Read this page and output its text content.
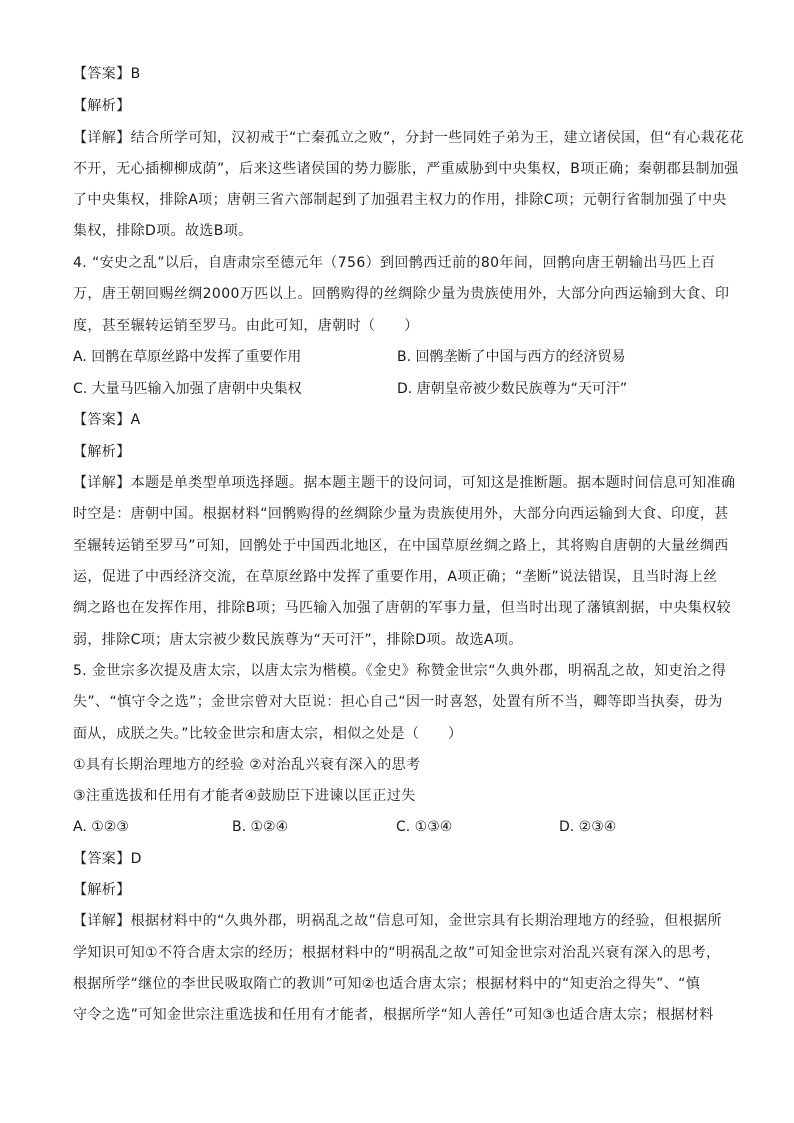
【答案】B
【解析】
【详解】结合所学可知，汉初戒于“亡秦孤立之败”，分封一些同姓子弟为王，建立诸侯国，但“有心栽花花
不开，无心插柳柳成荫”，后来这些诸侯国的势力膨胀，严重威胁到中央集权，B项正确；秦朝郡县制加强
了中央集权，排除A项；唐朝三省六部制起到了加强君主权力的作用，排除C项；元朝行省制加强了中央
集权，排除D项。故选B项。
4. “安史之乱”以后，自唐肃宗至德元年（756）到回鹘西迁前的80年间，回鹘向唐王朝输出马匹上百
万，唐王朝回赐丝绸2000万匹以上。回鹘购得的丝绸除少量为贵族使用外，大部分向西运输到大食、印
度，甚至辗转运销至罗马。由此可知，唐朝时（　　）
A. 回鹘在草原丝路中发挥了重要作用	B. 回鹘垄断了中国与西方的经济贸易
C. 大量马匹输入加强了唐朝中央集权	D. 唐朝皇帝被少数民族尊为“天可汗”
【答案】A
【解析】
【详解】本题是单类型单项选择题。据本题主题干的设问词，可知这是推断题。据本题时间信息可知准确
时空是：唐朝中国。根据材料“回鹘购得的丝绸除少量为贵族使用外，大部分向西运输到大食、印度，甚
至辗转运销至罗马”可知，回鹘处于中国西北地区，在中国草原丝绸之路上，其将购自唐朝的大量丝绸西
运，促进了中西经济交流，在草原丝路中发挥了重要作用，A项正确；“垄断”说法错误，且当时海上丝
绸之路也在发挥作用，排除B项；马匹输入加强了唐朝的军事力量，但当时出现了藩镇割据，中央集权较
弱，排除C项；唐太宗被少数民族尊为“天可汗”，排除D项。故选A项。
5. 金世宗多次提及唐太宗，以唐太宗为楷模。《金史》称赞金世宗“久典外郡，明祸乱之故，知吏治之得
失”、“慎守令之选”；金世宗曾对大臣说：担心自己“因一时喜怒，处置有所不当，卿等即当执奏，毋为
面从，成朕之失。”比较金世宗和唐太宗，相似之处是（　　）
①具有长期治理地方的经验 ②对治乱兴衰有深入的思考
③注重选拔和任用有才能者④鼓励臣下进谏以匡正过失
A. ①②③	B. ①②④	C. ①③④	D. ②③④
【答案】D
【解析】
【详解】根据材料中的“久典外郡，明祸乱之故”信息可知，金世宗具有长期治理地方的经验，但根据所
学知识可知①不符合唐太宗的经历；根据材料中的“明祸乱之故”可知金世宗对治乱兴衰有深入的思考，
根据所学“继位的李世民吸取隋亡的教训”可知②也适合唐太宗；根据材料中的“知吏治之得失”、“慎
守令之选”可知金世宗注重选拔和任用有才能者，根据所学“知人善任”可知③也适合唐太宗；根据材料
